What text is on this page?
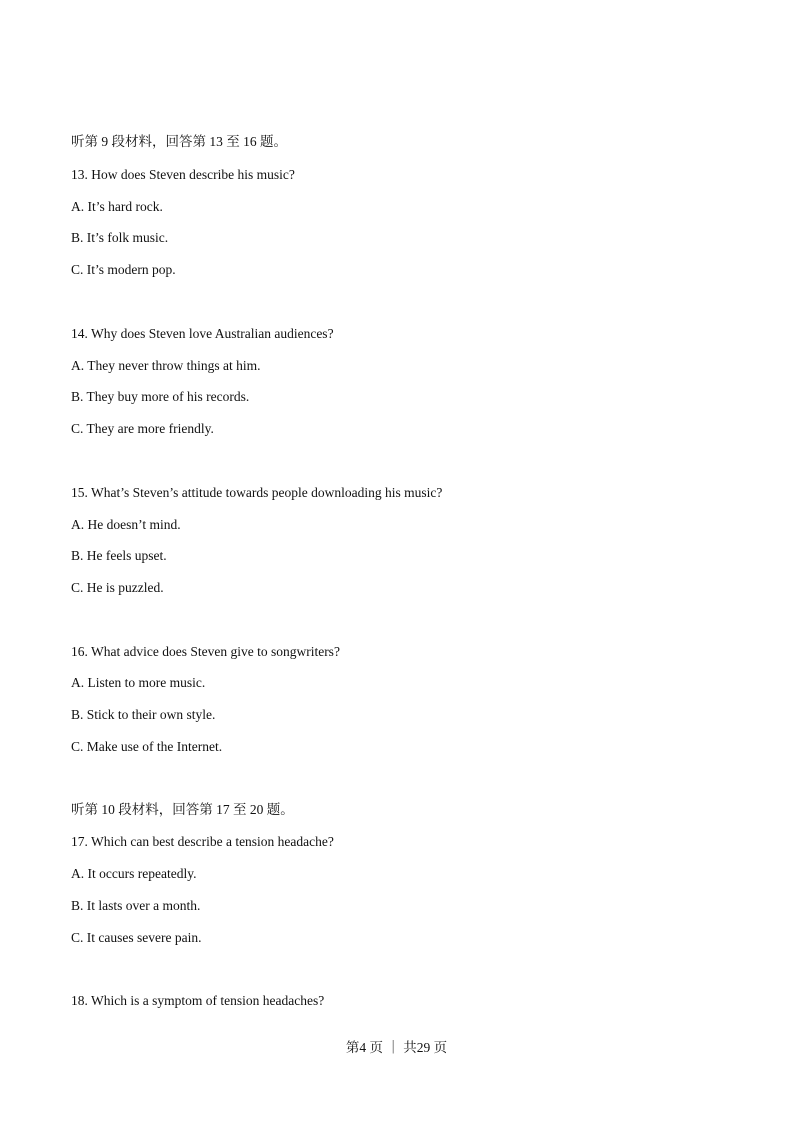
听第 9 段材料，回答第 13 至 16 题。
13. How does Steven describe his music?
A. It’s hard rock.
B. It’s folk music.
C. It’s modern pop.
14. Why does Steven love Australian audiences?
A. They never throw things at him.
B. They buy more of his records.
C. They are more friendly.
15. What’s Steven’s attitude towards people downloading his music?
A. He doesn’t mind.
B. He feels upset.
C. He is puzzled.
16. What advice does Steven give to songwriters?
A. Listen to more music.
B. Stick to their own style.
C. Make use of the Internet.
听第 10 段材料，回答第 17 至 20 题。
17. Which can best describe a tension headache?
A. It occurs repeatedly.
B. It lasts over a month.
C. It causes severe pain.
18. Which is a symptom of tension headaches?
第4 页 ｜ 共29 页
